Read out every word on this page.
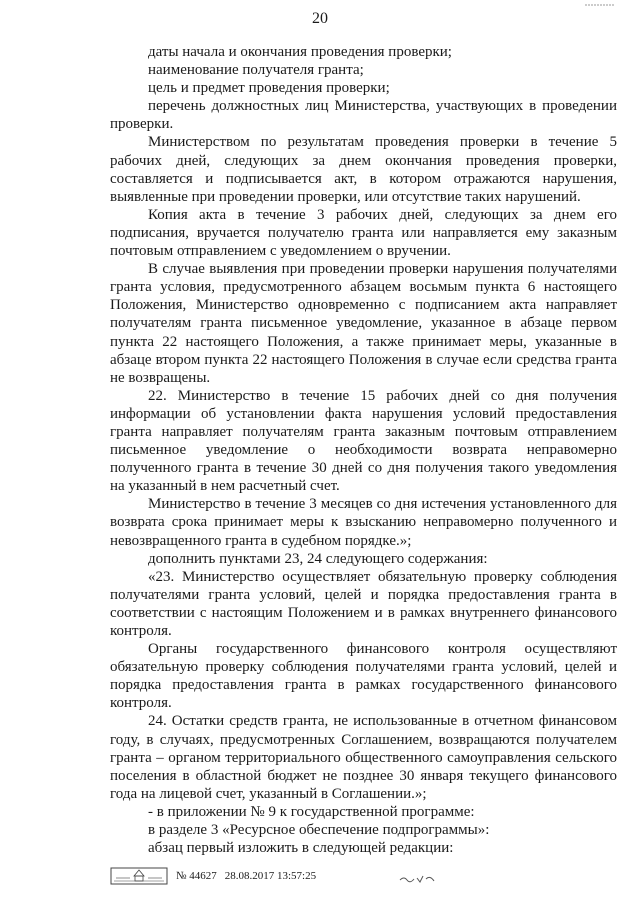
20

даты начала и окончания проведения проверки;

наименование получателя гранта;

цель и предмет проведения проверки;

перечень должностных лиц Министерства, участвующих в проведении проверки.

Министерством по результатам проведения проверки в течение 5 рабочих дней, следующих за днем окончания проведения проверки, составляется и подписывается акт, в котором отражаются нарушения, выявленные при проведении проверки, или отсутствие таких нарушений.

Копия акта в течение 3 рабочих дней, следующих за днем его подписания, вручается получателю гранта или направляется ему заказным почтовым отправлением с уведомлением о вручении.

В случае выявления при проведении проверки нарушения получателями гранта условия, предусмотренного абзацем восьмым пункта 6 настоящего Положения, Министерство одновременно с подписанием акта направляет получателям гранта письменное уведомление, указанное в абзаце первом пункта 22 настоящего Положения, а также принимает меры, указанные в абзаце втором пункта 22 настоящего Положения в случае если средства гранта не возвращены.

22. Министерство в течение 15 рабочих дней со дня получения информации об установлении факта нарушения условий предоставления гранта направляет получателям гранта заказным почтовым отправлением письменное уведомление о необходимости возврата неправомерно полученного гранта в течение 30 дней со дня получения такого уведомления на указанный в нем расчетный счет.

Министерство в течение 3 месяцев со дня истечения установленного для возврата срока принимает меры к взысканию неправомерно полученного и невозвращенного гранта в судебном порядке.»;

дополнить пунктами 23, 24 следующего содержания:

«23. Министерство осуществляет обязательную проверку соблюдения получателями гранта условий, целей и порядка предоставления гранта в соответствии с настоящим Положением и в рамках внутреннего финансового контроля.

Органы государственного финансового контроля осуществляют обязательную проверку соблюдения получателями гранта условий, целей и порядка предоставления гранта в рамках государственного финансового контроля.

24. Остатки средств гранта, не использованные в отчетном финансовом году, в случаях, предусмотренных Соглашением, возвращаются получателем гранта – органом территориального общественного самоуправления сельского поселения в областной бюджет не позднее 30 января текущего финансового года на лицевой счет, указанный в Соглашении.»;

- в приложении № 9 к государственной программе:

в разделе 3 «Ресурсное обеспечение подпрограммы»:

абзац первый изложить в следующей редакции:

№ 44627 28.08.2017 13:57:25
